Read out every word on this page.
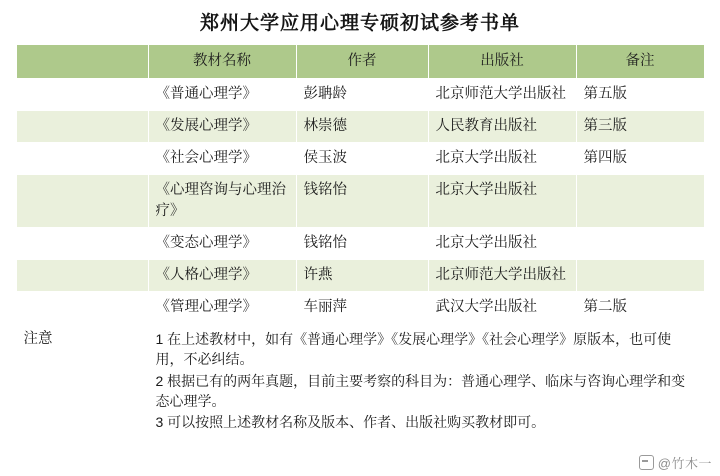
郑州大学应用心理专硕初试参考书单
	教材名称	作者	出版社	备注
	《普通心理学》	彭聃龄	北京师范大学出版社	第五版
	《发展心理学》	林崇德	人民教育出版社	第三版
	《社会心理学》	侯玉波	北京大学出版社	第四版
	《心理咨询与心理治疗》	钱铭怡	北京大学出版社	
	《变态心理学》	钱铭怡	北京大学出版社	
	《人格心理学》	许燕	北京师范大学出版社	
	《管理心理学》	车丽萍	武汉大学出版社	第二版
注意	1 在上述教材中，如有《普通心理学》《发展心理学》《社会心理学》原版本，也可使用，不必纠结。

2 根据已有的两年真题，目前主要考察的科目为：普通心理学、临床与咨询心理学和变态心理学。

3 可以按照上述教材名称及版本、作者、出版社购买教材即可。			

@竹木一
